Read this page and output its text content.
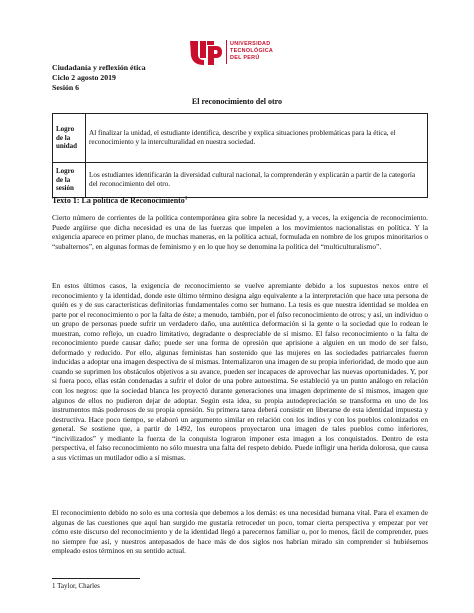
UNIVERSIDAD
TECNOLÓGICA
DEL PERÚ
Ciudadanía y reflexión ética
Ciclo 2 agosto 2019
Sesión 6
El reconocimiento del otro
Logro de la unidad	Al finalizar la unidad, el estudiante identifica, describe y explica situaciones problemáticas para la ética, el reconocimiento y la interculturalidad en nuestra sociedad.
Logro de la sesión	Los estudiantes identificarán la diversidad cultural nacional, la comprenderán y explicarán a partir de la categoría del reconocimiento del otro.
Texto 1: La política de Reconocimiento$^1$
Cierto número de corrientes de la política contemporánea gira sobre la necesidad y, a veces, la exigencia de reconocimiento. Puede argüirse que dicha necesidad es una de las fuerzas que impelen a los movimientos nacionalistas en política. Y la exigencia aparece en primer plano, de muchas maneras, en la política actual, formulada en nombre de los grupos minoritarios o “subalternos”, en algunas formas de feminismo y en lo que hoy se denomina la política del “multiculturalismo”.
En estos últimos casos, la exigencia de reconocimiento se vuelve apremiante debido a los supuestos nexos entre el reconocimiento y la identidad, donde este último término designa algo equivalente a la interpretación que hace una persona de quién es y de sus características definitorias fundamentales como ser humano. La tesis es que nuestra identidad se moldea en parte por el reconocimiento o por la falta de éste; a menudo, también, por el falso reconocimiento de otros; y así, un individuo o un grupo de personas puede sufrir un verdadero daño, una auténtica deformación si la gente o la sociedad que lo rodean le muestran, como reflejo, un cuadro limitativo, degradante o despreciable de sí mismo. El falso reconocimiento o la falta de reconocimiento puede causar daño; puede ser una forma de opresión que aprisione a alguien en un modo de ser falso, deformado y reducido. Por ello, algunas feministas han sostenido que las mujeres en las sociedades patriarcales fueron inducidas a adoptar una imagen despectiva de sí mismas. Internalizaron una imagen de su propia inferioridad, de modo que aun cuando se suprimen los obstáculos objetivos a su avance, pueden ser incapaces de aprovechar las nuevas oportunidades. Y, por si fuera poco, ellas están condenadas a sufrir el dolor de una pobre autoestima. Se estableció ya un punto análogo en relación con los negros: que la sociedad blanca les proyectó durante generaciones una imagen deprimente de sí mismos, imagen que algunos de ellos no pudieron dejar de adoptar. Según esta idea, su propia autodepreciación se transforma en uno de los instrumentos más poderosos de su propia opresión. Su primera tarea deberá consistir en liberarse de esta identidad impuesta y destructiva. Hace poco tiempo, se elaboró un argumento similar en relación con los indios y con los pueblos colonizados en general. Se sostiene que, a partir de 1492, los europeos proyectaron una imagen de tales pueblos como inferiores, “incivilizados” y mediante la fuerza de la conquista lograron imponer esta imagen a los conquistados. Dentro de esta perspectiva, el falso reconocimiento no sólo muestra una falta del respeto debido. Puede infligir una herida dolorosa, que causa a sus víctimas un mutilador odio a sí mismas.
El reconocimiento debido no solo es una cortesía que debemos a los demás: es una necesidad humana vital. Para el examen de algunas de las cuestiones que aquí han surgido me gustaría retroceder un poco, tomar cierta perspectiva y empezar por ver cómo este discurso del reconocimiento y de la identidad llegó a parecernos familiar o, por lo menos, fácil de comprender, pues no siempre fue así, y nuestros antepasados de hace más de dos siglos nos habrían mirado sin comprender si hubiésemos empleado estos términos en su sentido actual.
1 Taylor, Charles
